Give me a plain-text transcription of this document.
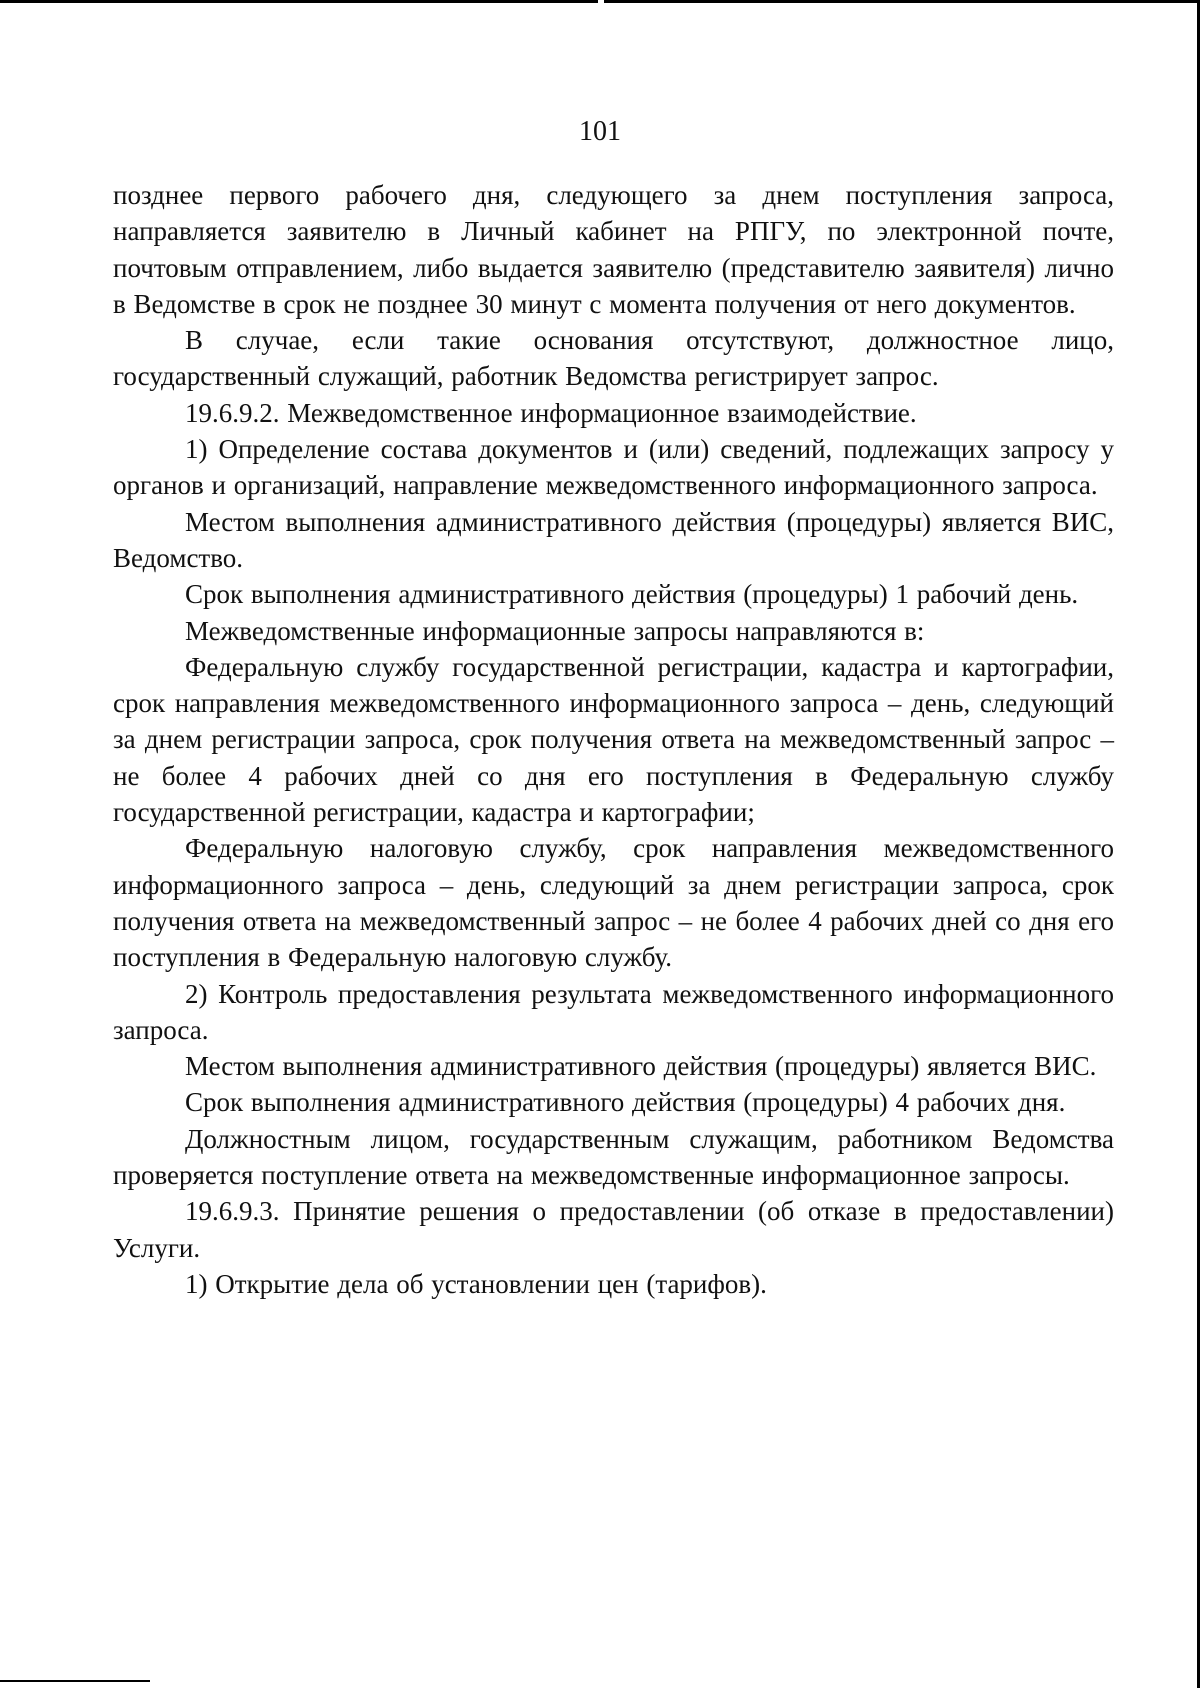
101

позднее первого рабочего дня, следующего за днем поступления запроса, направляется заявителю в Личный кабинет на РПГУ, по электронной почте, почтовым отправлением, либо выдается заявителю (представителю заявителя) лично в Ведомстве в срок не позднее 30 минут с момента получения от него документов.

В случае, если такие основания отсутствуют, должностное лицо, государственный служащий, работник Ведомства регистрирует запрос.

19.6.9.2. Межведомственное информационное взаимодействие.

1) Определение состава документов и (или) сведений, подлежащих запросу у органов и организаций, направление межведомственного информационного запроса.

Местом выполнения административного действия (процедуры) является ВИС, Ведомство.

Срок выполнения административного действия (процедуры) 1 рабочий день.

Межведомственные информационные запросы направляются в:

Федеральную службу государственной регистрации, кадастра и картографии, срок направления межведомственного информационного запроса – день, следующий за днем регистрации запроса, срок получения ответа на межведомственный запрос – не более 4 рабочих дней со дня его поступления в Федеральную службу государственной регистрации, кадастра и картографии;

Федеральную налоговую службу, срок направления межведомственного информационного запроса – день, следующий за днем регистрации запроса, срок получения ответа на межведомственный запрос – не более 4 рабочих дней со дня его поступления в Федеральную налоговую службу.

2) Контроль предоставления результата межведомственного информационного запроса.

Местом выполнения административного действия (процедуры) является ВИС.

Срок выполнения административного действия (процедуры) 4 рабочих дня.

Должностным лицом, государственным служащим, работником Ведомства проверяется поступление ответа на межведомственные информационное запросы.

19.6.9.3. Принятие решения о предоставлении (об отказе в предоставлении) Услуги.

1) Открытие дела об установлении цен (тарифов).
